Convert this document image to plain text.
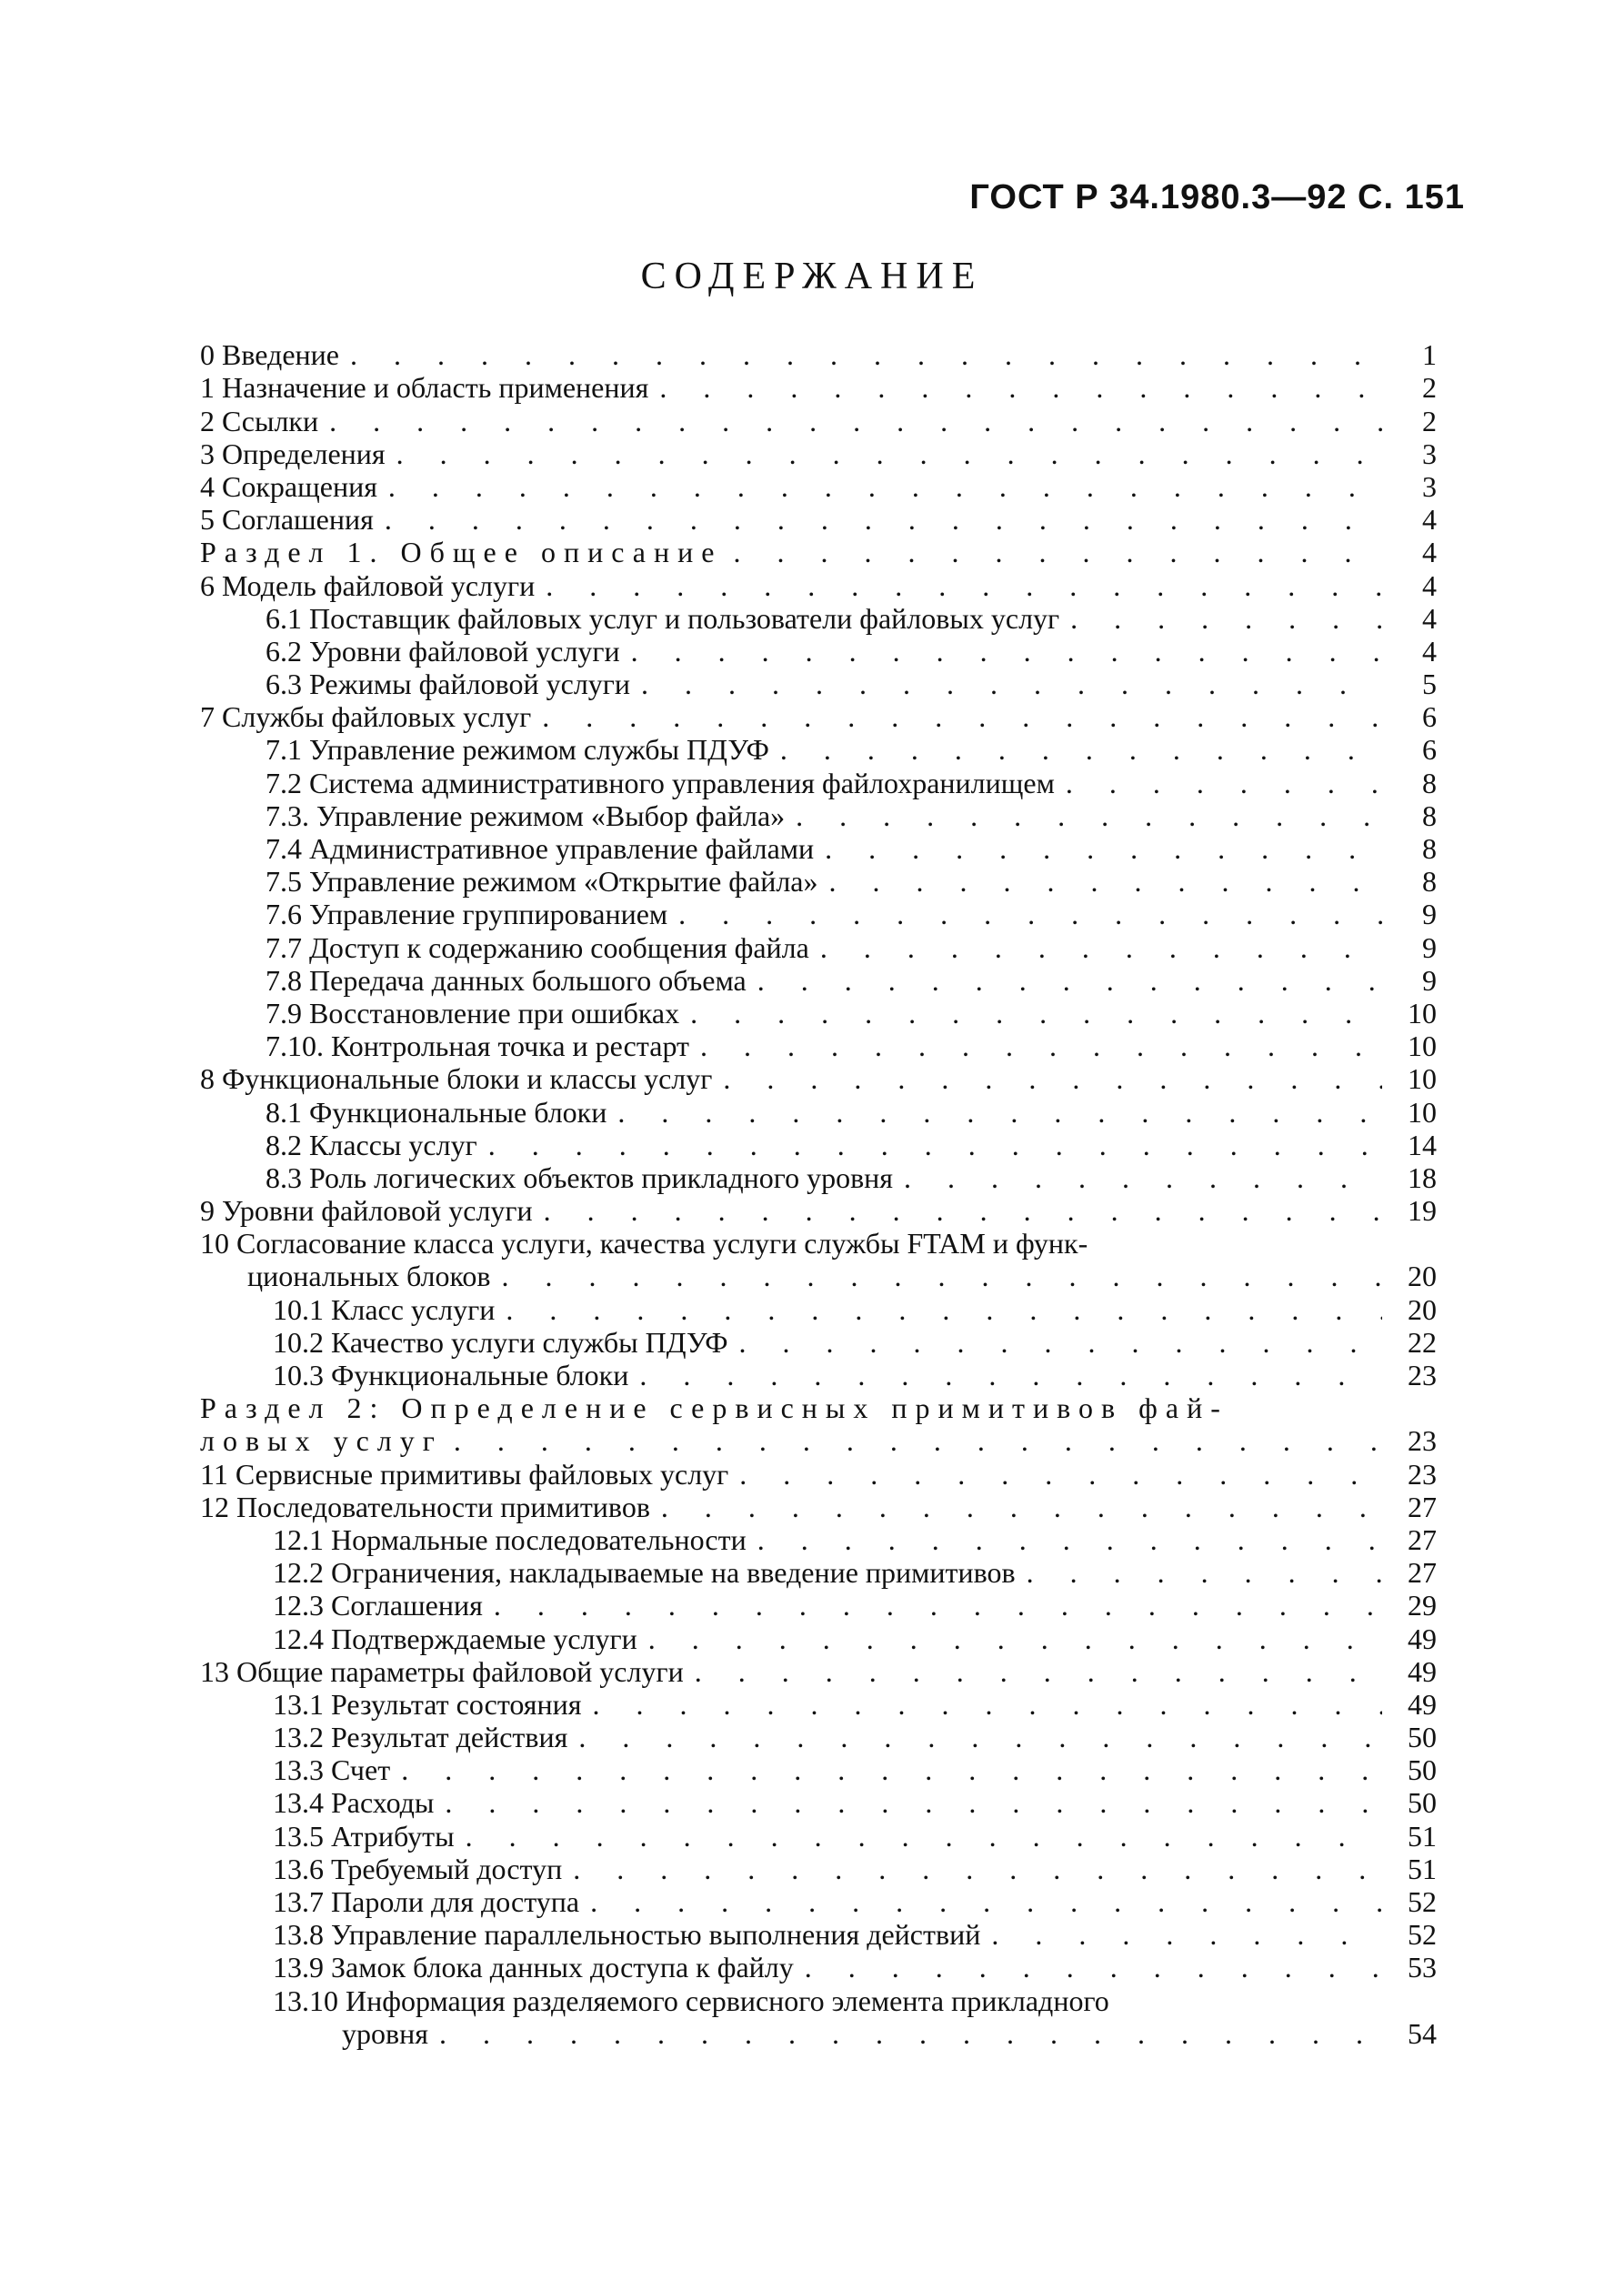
ГОСТ Р 34.1980.3—92 С. 151
СОДЕРЖАНИЕ
0 Введение . . .	1
1 Назначение и область применения . . .	2
2 Ссылки . . .	2
3 Определения . . .	3
4 Сокращения . . .	3
5 Соглашения . . .	4
Раздел 1. Общее описание . . .	4
6 Модель файловой услуги . . .	4
6.1 Поставщик файловых услуг и пользователи файловых услуг . . .	4
6.2 Уровни файловой услуги . . .	4
6.3 Режимы файловой услуги . . .	5
7 Службы файловых услуг . . .	6
7.1 Управление режимом службы ПДУФ . . .	6
7.2 Система административного управления файлохранилищем . . .	8
7.3. Управление режимом «Выбор файла» . . .	8
7.4 Административное управление файлами . . .	8
7.5 Управление режимом «Открытие файла» . . .	8
7.6 Управление группированием . . .	9
7.7 Доступ к содержанию сообщения файла . . .	9
7.8 Передача данных большого объема . . .	9
7.9 Восстановление при ошибках . . .	10
7.10. Контрольная точка и рестарт . . .	10
8 Функциональные блоки и классы услуг . . .	10
8.1 Функциональные блоки . . .	10
8.2 Классы услуг . . .	14
8.3 Роль логических объектов прикладного уровня . . .	18
9 Уровни файловой услуги . . .	19
10 Согласование класса услуги, качества услуги службы FTAM и функ-
циональных блоков . . .	20
10.1 Класс услуги . . .	20
10.2 Качество услуги службы ПДУФ . . .	22
10.3 Функциональные блоки . . .	23
Раздел 2: Определение сервисных примитивов фай-
ловых услуг . . .	23
11 Сервисные примитивы файловых услуг . . .	23
12 Последовательности примитивов . . .	27
12.1 Нормальные последовательности . . .	27
12.2 Ограничения, накладываемые на введение примитивов . . .	27
12.3 Соглашения . . .	29
12.4 Подтверждаемые услуги . . .	49
13 Общие параметры файловой услуги . . .	49
13.1 Результат состояния . . .	49
13.2 Результат действия . . .	50
13.3 Счет . . .	50
13.4 Расходы . . .	50
13.5 Атрибуты . . .	51
13.6 Требуемый доступ . . .	51
13.7 Пароли для доступа . . .	52
13.8 Управление параллельностью выполнения действий . . .	52
13.9 Замок блока данных доступа к файлу . . .	53
13.10 Информация разделяемого сервисного элемента прикладного
уровня . . .	54
